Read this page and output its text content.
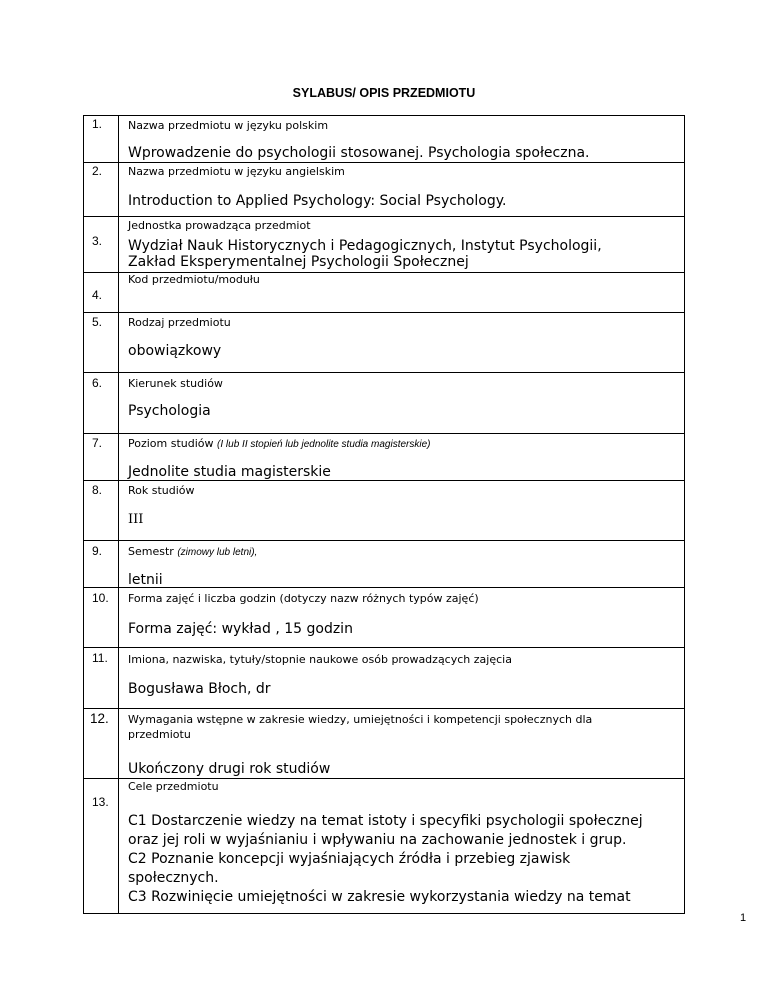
SYLABUS/ OPIS PRZEDMIOTU
1. Nazwa przedmiotu w języku polskim
Wprowadzenie do psychologii stosowanej. Psychologia społeczna.
2. Nazwa przedmiotu w języku angielskim
Introduction to Applied Psychology: Social Psychology.
3.
Jednostka prowadząca przedmiot
Wydział Nauk Historycznych i Pedagogicznych, Instytut Psychologii,
Zakład Eksperymentalnej Psychologii Społecznej
4.
Kod przedmiotu/modułu
5. Rodzaj przedmiotu
obowiązkowy
6. Kierunek studiów
Psychologia
7. Poziom studiów (I lub II stopień lub jednolite studia magisterskie)
Jednolite studia magisterskie
8. Rok studiów
III
9. Semestr (zimowy lub letni),
letnii
10. Forma zajęć i liczba godzin (dotyczy nazw różnych typów zajęć)
Forma zajęć: wykład , 15 godzin
11. Imiona, nazwiska, tytuły/stopnie naukowe osób prowadzących zajęcia
Bogusława Błoch, dr
12. Wymagania wstępne w zakresie wiedzy, umiejętności i kompetencji społecznych dla
przedmiotu
Ukończony drugi rok studiów
13.
Cele przedmiotu
C1 Dostarczenie wiedzy na temat istoty i specyfiki psychologii społecznej
oraz jej roli w wyjaśnianiu i wpływaniu na zachowanie jednostek i grup.
C2 Poznanie koncepcji wyjaśniających źródła i przebieg zjawisk
społecznych.
C3 Rozwinięcie umiejętności w zakresie wykorzystania wiedzy na temat
1
